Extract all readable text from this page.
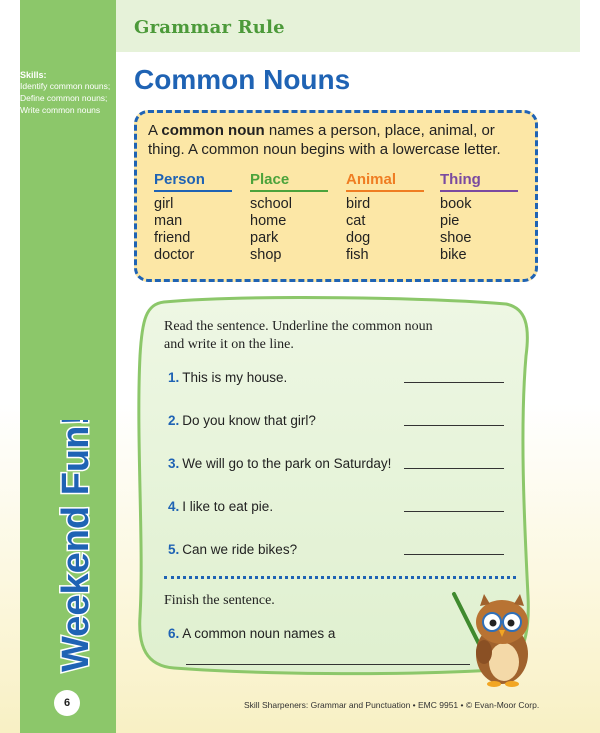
Grammar Rule
Skills:
Identify common nouns;
Define common nouns;
Write common nouns
Weekend Fun!
6
Common Nouns
A common noun names a person, place, animal, or thing. A common noun begins with a lowercase letter.
Person
girl
man
friend
doctor
Place
school
home
park
shop
Animal
bird
cat
dog
fish
Thing
book
pie
shoe
bike
Read the sentence. Underline the common noun
and write it on the line.
1. This is my house.
2. Do you know that girl?
3. We will go to the park on Saturday!
4. I like to eat pie.
5. Can we ride bikes?
Finish the sentence.
6. A common noun names a
Skill Sharpeners: Grammar and Punctuation • EMC 9951 • © Evan-Moor Corp.
